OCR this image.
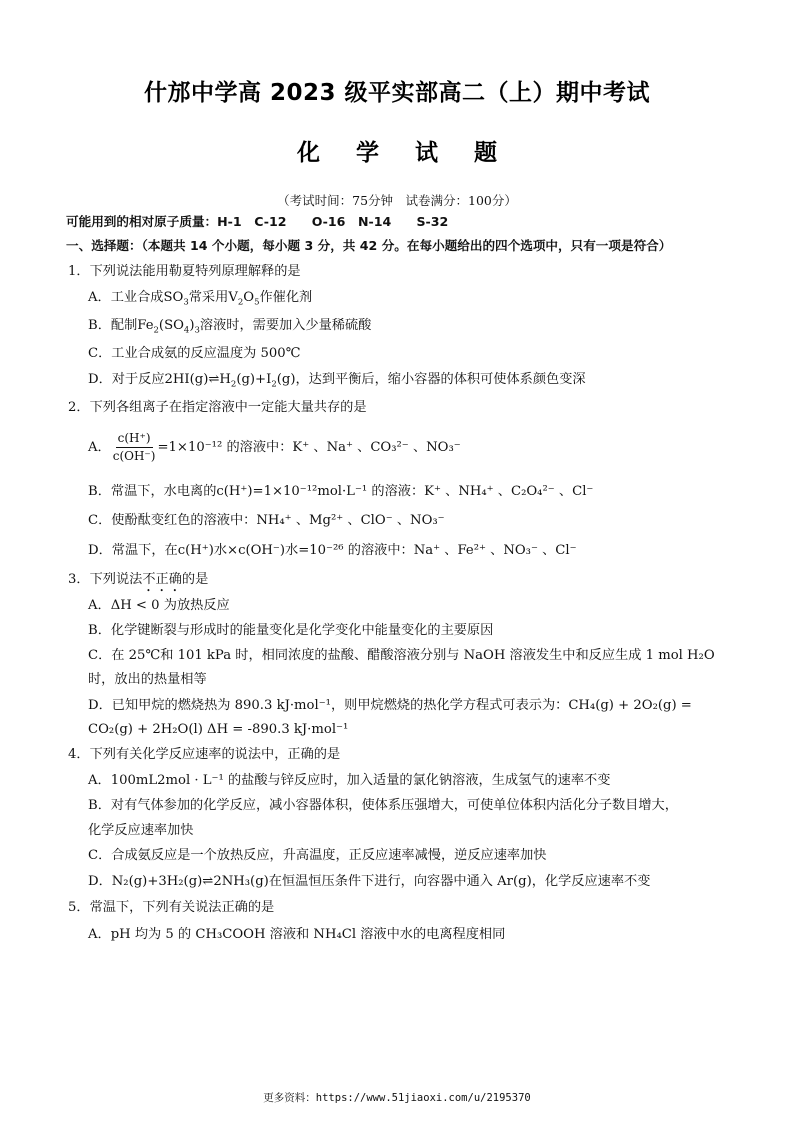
什邡中学高 2023 级平实部高二（上）期中考试
化学试题
（考试时间：75分钟　试卷满分：100分）
可能用到的相对原子质量：H-1　C-12　　O-16　N-14　　S-32
一、选择题：（本题共 14 个小题，每小题 3 分，共 42 分。在每小题给出的四个选项中，只有一项是符合）
1．下列说法能用勒夏特列原理解释的是
A．工业合成$SO_3$常采用$V_2O_5$作催化剂
B．配制$Fe_2(SO_4)_3$溶液时，需要加入少量稀硫酸
C．工业合成氨的反应温度为 500℃
D．对于反应$2HI(g)\rightleftharpoons H_2(g)+I_2(g)$，达到平衡后，缩小容器的体积可使体系颜色变深
2．下列各组离子在指定溶液中一定能大量共存的是
A． $\frac{c(H^+)}{c(OH^-)} =1\times 10^{-12}$ 的溶液中：K⁺ 、Na⁺ 、CO₃²⁻ 、NO₃⁻
B．常温下，水电离的c(H⁺)=1×10⁻¹²mol·L⁻¹ 的溶液：K⁺ 、NH₄⁺ 、C₂O₄²⁻ 、Cl⁻
C．使酚酞变红色的溶液中：NH₄⁺ 、Mg²⁺ 、ClO⁻ 、NO₃⁻
D．常温下，在c(H⁺)水×c(OH⁻)水=10⁻²⁶ 的溶液中：Na⁺ 、Fe²⁺ 、NO₃⁻ 、Cl⁻
3．下列说法不正确的是
A．ΔH < 0 为放热反应
B．化学键断裂与形成时的能量变化是化学变化中能量变化的主要原因
C．在 25℃和 101 kPa 时，相同浓度的盐酸、醋酸溶液分别与 NaOH 溶液发生中和反应生成 1 mol H₂O
时，放出的热量相等
D．已知甲烷的燃烧热为 890.3 kJ·mol⁻¹，则甲烷燃烧的热化学方程式可表示为：CH₄(g) + 2O₂(g) =
CO₂(g) + 2H₂O(l) ΔH = -890.3 kJ·mol⁻¹
4．下列有关化学反应速率的说法中，正确的是
A．100mL2mol · L⁻¹ 的盐酸与锌反应时，加入适量的氯化钠溶液，生成氢气的速率不变
B．对有气体参加的化学反应，减小容器体积，使体系压强增大，可使单位体积内活化分子数目增大，
化学反应速率加快
C．合成氨反应是一个放热反应，升高温度，正反应速率减慢，逆反应速率加快
D．N₂(g)+3H₂(g)⇌2NH₃(g)在恒温恒压条件下进行，向容器中通入 Ar(g)，化学反应速率不变
5．常温下，下列有关说法正确的是
A．pH 均为 5 的 CH₃COOH 溶液和 NH₄Cl 溶液中水的电离程度相同
更多资料：https://www.51jiaoxi.com/u/2195370
